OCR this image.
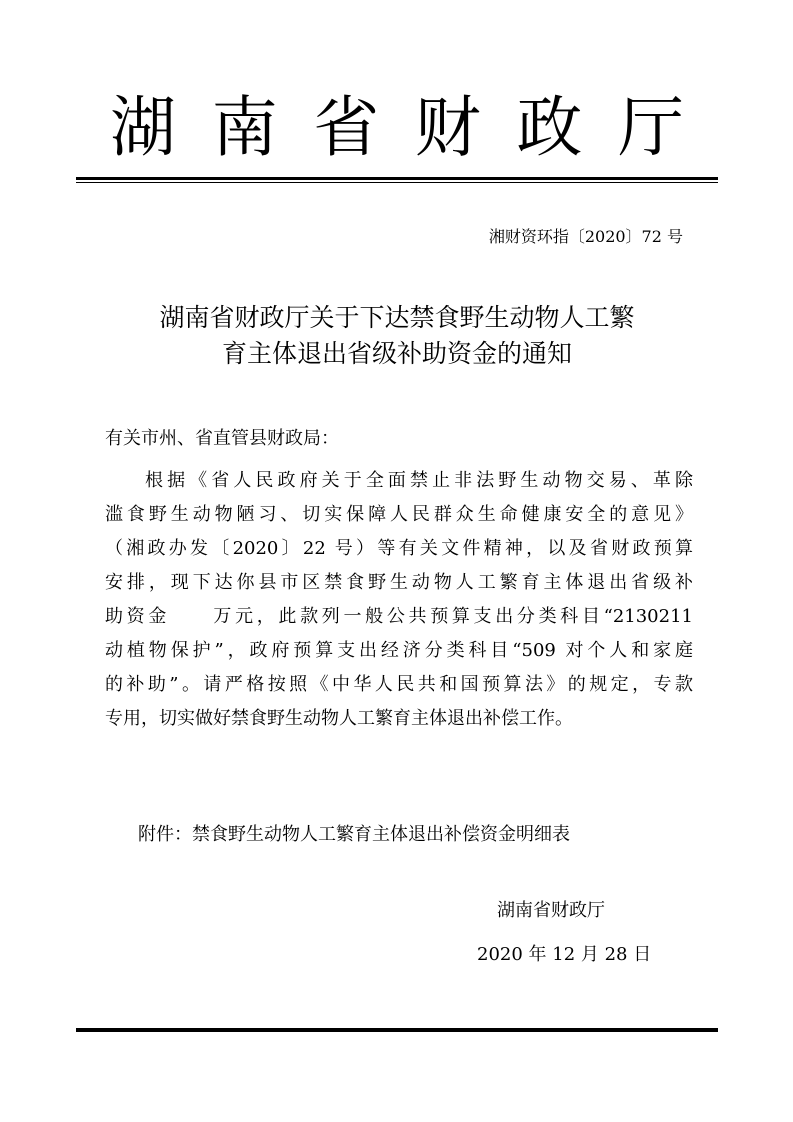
湖 南 省 财 政 厅
湘财资环指〔2020〕72 号
湖南省财政厅关于下达禁食野生动物人工繁
育主体退出省级补助资金的通知
有关市州、省直管县财政局：
根据《省人民政府关于全面禁止非法野生动物交易、革除
滥食野生动物陋习、切实保障人民群众生命健康安全的意见》
（湘政办发〔2020〕22 号）等有关文件精神，以及省财政预算
安排，现下达你县市区禁食野生动物人工繁育主体退出省级补
助资金　　万元，此款列一般公共预算支出分类科目“2130211
动植物保护”，政府预算支出经济分类科目“509 对个人和家庭
的补助”。请严格按照《中华人民共和国预算法》的规定，专款
专用，切实做好禁食野生动物人工繁育主体退出补偿工作。
附件：禁食野生动物人工繁育主体退出补偿资金明细表
湖南省财政厅
2020 年 12 月 28 日
